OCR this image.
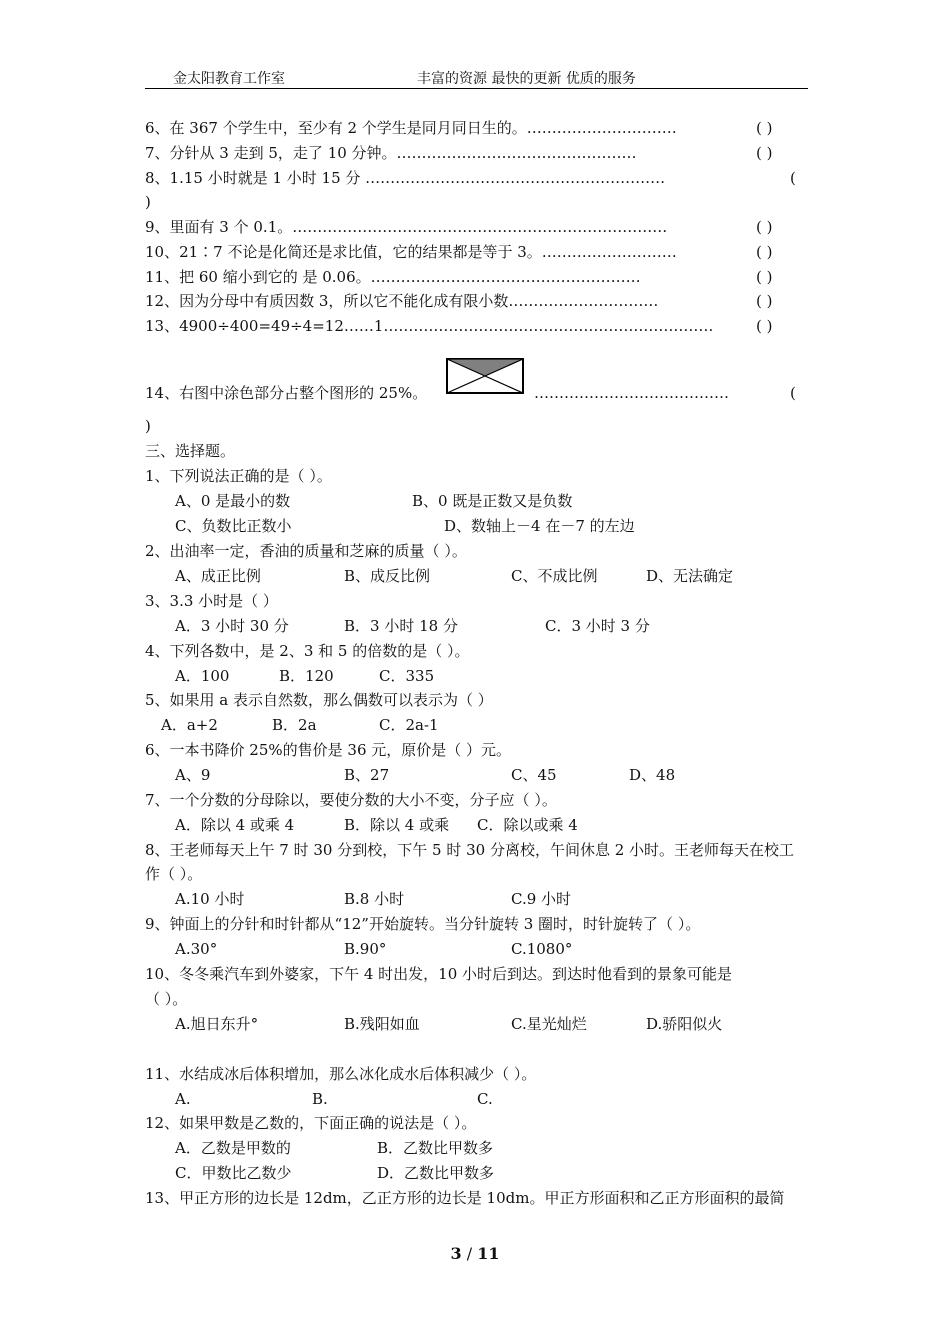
金太阳教育工作室	丰富的资源 最快的更新 优质的服务
6、在 367 个学生中，至少有 2 个学生是同月同日生的。…………………………	( )
7、分针从 3 走到 5，走了 10 分钟。…………………………………………	( )
8、1.15 小时就是 1 小时 15 分 ……………………………………………………	(
)
9、里面有 3 个 0.1。…………………………………………………………………	( )
10、21∶7 不论是化简还是求比值，它的结果都是等于 3。………………………	( )
11、把 60 缩小到它的 是 0.06。………………………………………………	( )
12、因为分母中有质因数 3，所以它不能化成有限小数…………………………	( )
13、4900÷400=49÷4=12……1…………………………………………………………	( )
14、右图中涂色部分占整个图形的 25%。	…………………………………	(
)
三、选择题。
1、下列说法正确的是（ ）。
A、0 是最小的数	B、0 既是正数又是负数
C、负数比正数小	D、数轴上－4 在－7 的左边
2、出油率一定，香油的质量和芝麻的质量（ ）。
A、成正比例	B、成反比例	C、不成比例	D、无法确定
3、3.3 小时是（ ）
A．3 小时 30 分	B．3 小时 18 分	C．3 小时 3 分
4、下列各数中，是 2、3 和 5 的倍数的是（ ）。
A．100	B．120	C．335
5、如果用 a 表示自然数，那么偶数可以表示为（ ）
A．a+2	B．2a	C．2a-1
6、一本书降价 25%的售价是 36 元，原价是（ ）元。
A、9	B、27	C、45	D、48
7、一个分数的分母除以，要使分数的大小不变，分子应（ ）。
A．除以 4 或乘 4	B．除以 4 或乘 C．除以或乘 4
8、王老师每天上午 7 时 30 分到校，下午 5 时 30 分离校，午间休息 2 小时。王老师每天在校工
作（ ）。
A.10 小时	B.8 小时	C.9 小时
9、钟面上的分针和时针都从“12”开始旋转。当分针旋转 3 圈时，时针旋转了（ ）。
A.30°	B.90°	C.1080°
10、冬冬乘汽车到外婆家，下午 4 时出发，10 小时后到达。到达时他看到的景象可能是
（ ）。
A.旭日东升°	B.残阳如血	C.星光灿烂	D.骄阳似火
11、水结成冰后体积增加，那么冰化成水后体积减少（ ）。
A.	B.	C.
12、如果甲数是乙数的，下面正确的说法是（ ）。
A．乙数是甲数的	B．乙数比甲数多
C．甲数比乙数少	D．乙数比甲数多
13、甲正方形的边长是 12dm，乙正方形的边长是 10dm。甲正方形面积和乙正方形面积的最简
3 / 11
